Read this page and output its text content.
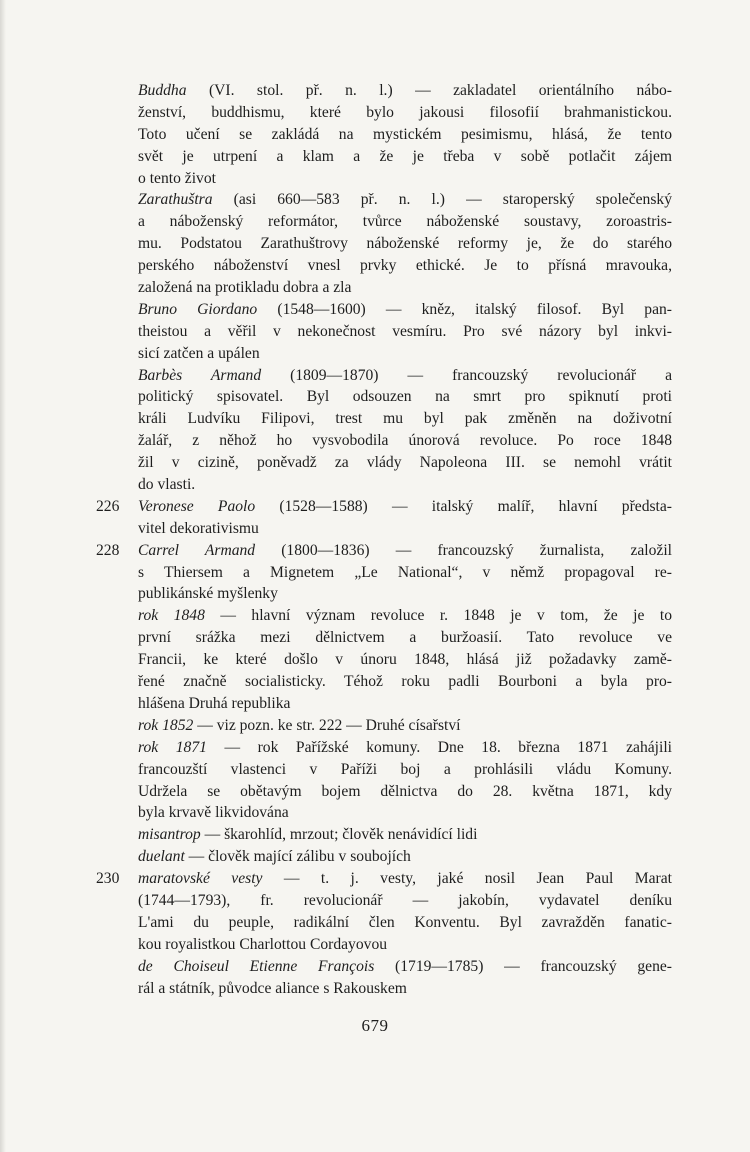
Buddha (VI. stol. př. n. l.) — zakladatel orientálního nábo-
ženství, buddhismu, které bylo jakousi filosofií brahmanistickou.
Toto učení se zakládá na mystickém pesimismu, hlásá, že tento
svět je utrpení a klam a že je třeba v sobě potlačit zájem
o tento život
Zarathuštra (asi 660—583 př. n. l.) — staroperský společenský
a náboženský reformátor, tvůrce náboženské soustavy, zoroastris-
mu. Podstatou Zarathuštrovy náboženské reformy je, že do starého
perského náboženství vnesl prvky ethické. Je to přísná mravouka,
založená na protikladu dobra a zla
Bruno Giordano (1548—1600) — kněz, italský filosof. Byl pan-
theistou a věřil v nekonečnost vesmíru. Pro své názory byl inkvi-
sicí zatčen a upálen
Barbès Armand (1809—1870) — francouzský revolucionář a
politický spisovatel. Byl odsouzen na smrt pro spiknutí proti
králi Ludvíku Filipovi, trest mu byl pak změněn na doživotní
žalář, z něhož ho vysvobodila únorová revoluce. Po roce 1848
žil v cizině, poněvadž za vlády Napoleona III. se nemohl vrátit
do vlasti.
226	Veronese Paolo (1528—1588) — italský malíř, hlavní předsta-
vitel dekorativismu
228	Carrel Armand (1800—1836) — francouzský žurnalista, založil
s Thiersem a Mignetem „Le National“, v němž propagoval re-
publikánské myšlenky
rok 1848 — hlavní význam revoluce r. 1848 je v tom, že je to
první srážka mezi dělnictvem a buržoasií. Tato revoluce ve
Francii, ke které došlo v únoru 1848, hlásá již požadavky zamě-
řené značně socialisticky. Téhož roku padli Bourboni a byla pro-
hlášena Druhá republika
rok 1852 — viz pozn. ke str. 222 — Druhé císařství
rok 1871 — rok Pařížské komuny. Dne 18. března 1871 zahájili
francouzští vlastenci v Paříži boj a prohlásili vládu Komuny.
Udržela se obětavým bojem dělnictva do 28. května 1871, kdy
byla krvavě likvidována
misantrop — škarohlíd, mrzout; člověk nenávidící lidi
duelant — člověk mající zálibu v soubojích
230	maratovské vesty — t. j. vesty, jaké nosil Jean Paul Marat
(1744—1793), fr. revolucionář — jakobín, vydavatel deníku
L'ami du peuple, radikální člen Konventu. Byl zavražděn fanatic-
kou royalistkou Charlottou Cordayovou
de Choiseul Etienne François (1719—1785) — francouzský gene-
rál a státník, původce aliance s Rakouskem
679
